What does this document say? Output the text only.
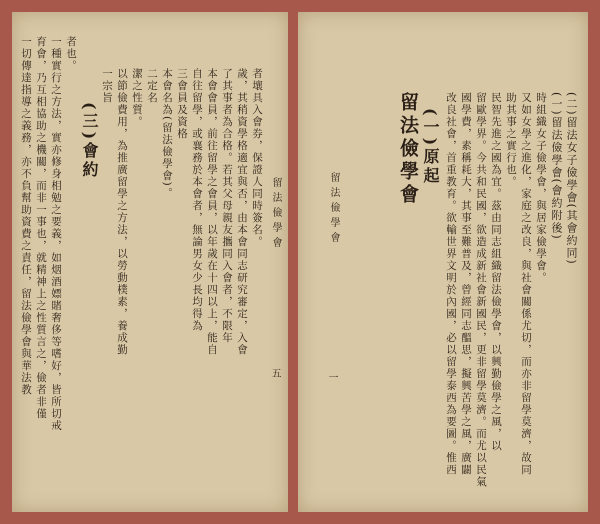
留法儉學會
五
者壤具入會券，保證人同時簽名。
歲，其稍資學格適宜與否，由本會同志研究審定，入會
了其事者為合格。若其父母親友攜同入會者，不限年
本會會員，前往留學之會員，以年歲在十四以上，能自
自往留學，或襄務於本會者，無論男女少長均得為
三會員及資格
本會名為(留法儉學會)。
二定名
潔之性質。
以節儉費用，為推廣留學之方法，以勞動樸素，養成勤
一宗旨
(三)會約
者也。
一種實行之方法，實亦修身相勉之要義，如烟酒嫖賭奢侈等嗜好，皆所切戒
育會，乃互相協助之機關，而非一事也，就精神上之性質言之，儉者非僅
一切傳達指導之義務，亦不負幫助資費之責任，留法儉學會與華法教	(二)留法女子儉學會(其會約同)
(一)留法儉學會(會約附後)
時組織女子儉學會，與居家儉學會。
又如女學之進化，家庭之改良，與社會關係尤切，而亦非留學莫濟，故同
助其事之實行也。
民智先進之國為宜。茲由同志組織留法儉學會，以興勤儉學之風，以
留歐學界。今共和民國，欲造成新社會新國民，更非留學莫濟。而尤以民氣
國學費，素稱耗大，其事至難普及，曾經同志醞思，擬興苦學之風，廣闢
改良社會，首重教育。欲輸世界文明於內國，必以留學泰西為要圖。惟西
(一)原起
留法儉學會
留法儉學會
一
